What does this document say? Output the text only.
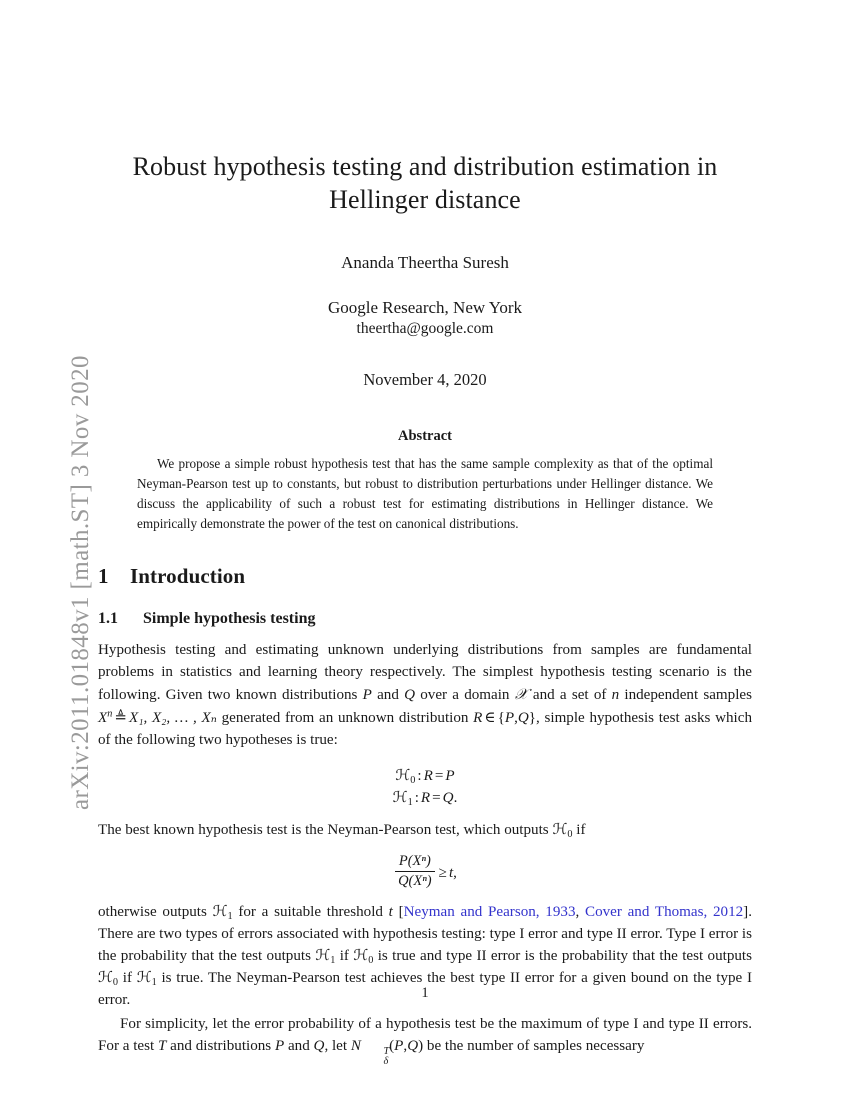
arXiv:2011.01848v1 [math.ST] 3 Nov 2020
Robust hypothesis testing and distribution estimation in Hellinger distance
Ananda Theertha Suresh
Google Research, New York
theertha@google.com
November 4, 2020
Abstract
We propose a simple robust hypothesis test that has the same sample complexity as that of the optimal Neyman-Pearson test up to constants, but robust to distribution perturbations under Hellinger distance. We discuss the applicability of such a robust test for estimating distributions in Hellinger distance. We empirically demonstrate the power of the test on canonical distributions.
1 Introduction
1.1 Simple hypothesis testing

Hypothesis testing and estimating unknown underlying distributions from samples are fundamental problems in statistics and learning theory respectively. The simplest hypothesis testing scenario is the following. Given two known distributions P and Q over a domain 𝒳 and a set of n independent samples $X^n$ ≜ X₁, X₂, … , Xₙ generated from an unknown distribution R ∈ {P,Q}, simple hypothesis test asks which of the following two hypotheses is true:

ℋ$_0$ : R = P
ℋ$_1$ : R = Q.

The best known hypothesis test is the Neyman-Pearson test, which outputs ℋ$_0$ if

$\frac{\text{P(Xⁿ)}}{\text{Q(Xⁿ)}} \ge t$,

otherwise outputs ℋ$_1$ for a suitable threshold t [Neyman and Pearson, 1933, Cover and Thomas, 2012]. There are two types of errors associated with hypothesis testing: type I error and type II error. Type I error is the probability that the test outputs ℋ$_1$ if ℋ$_0$ is true and type II error is the probability that the test outputs ℋ$_0$ if ℋ$_1$ is true. The Neyman-Pearson test achieves the best type II error for a given bound on the type I error.

For simplicity, let the error probability of a hypothesis test be the maximum of type I and type II errors. For a test T and distributions P and Q, let N	T
δ
(P,Q) be the number of samples necessary

1
